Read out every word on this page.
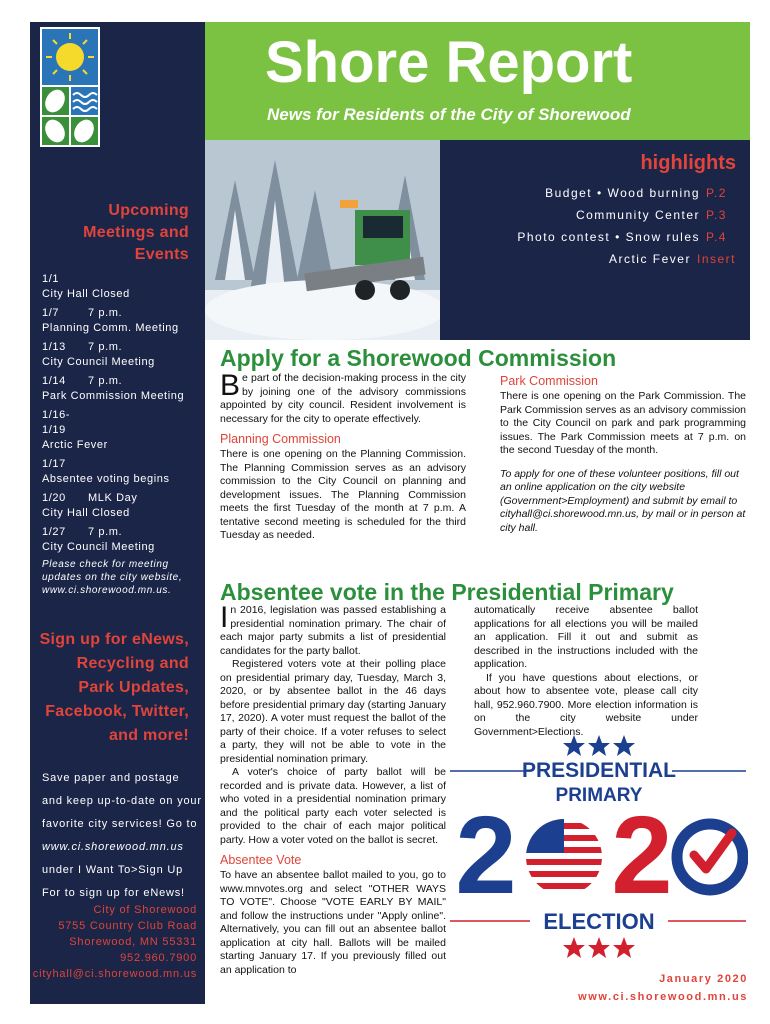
Upcoming
Meetings and
Events
1/1
City Hall Closed
1/7	7 p.m.
Planning Comm. Meeting
1/13 7 p.m.
City Council Meeting
1/14 7 p.m.
Park Commission Meeting
1/16-1/19
Arctic Fever
1/17
Absentee voting begins
1/20 MLK Day
City Hall Closed
1/27 7 p.m.
City Council Meeting
Please check for meeting updates on the city website, www.ci.shorewood.mn.us.
Sign up for eNews,
Recycling and
Park Updates,
Facebook, Twitter,
and more!
Save paper and postage and keep up-to-date on your favorite city services! Go to www.ci.shorewood.mn.us under I Want To>Sign Up For to sign up for eNews!
City of Shorewood
5755 Country Club Road
Shorewood, MN 55331
952.960.7900
cityhall@ci.shorewood.mn.us
Shore Report
News for Residents of the City of Shorewood
highlights
Budget • Wood burning P.2
Community Center P.3
Photo contest • Snow rules P.4
Arctic Fever Insert
Apply for a Shorewood Commission

Be part of the decision-making process in the city by joining one of the advisory commissions appointed by city council. Resident involvement is necessary for the city to operate effectively.

Planning Commission

There is one opening on the Planning Commission. The Planning Commission serves as an advisory commission to the City Council on planning and development issues. The Planning Commission meets the first Tuesday of the month at 7 p.m. A tentative second meeting is scheduled for the third Tuesday as needed.

Park Commission

There is one opening on the Park Commission. The Park Commission serves as an advisory commission to the City Council on park and park programming issues. The Park Commission meets at 7 p.m. on the second Tuesday of the month.

To apply for one of these volunteer positions, fill out an online application on the city website (Government>Employment) and submit by email to cityhall@ci.shorewood.mn.us, by mail or in person at city hall.

Absentee vote in the Presidential Primary

In 2016, legislation was passed establishing a presidential nomination primary. The chair of each major party submits a list of presidential candidates for the party ballot.

Registered voters vote at their polling place on presidential primary day, Tuesday, March 3, 2020, or by absentee ballot in the 46 days before presidential primary day (starting January 17, 2020). A voter must request the ballot of the party of their choice. If a voter refuses to select a party, they will not be able to vote in the presidential nomination primary.

A voter's choice of party ballot will be recorded and is private data. However, a list of who voted in a presidential nomination primary and the political party each voter selected is provided to the chair of each major political party. How a voter voted on the ballot is secret.

Absentee Vote

To have an absentee ballot mailed to you, go to www.mnvotes.org and select "OTHER WAYS TO VOTE". Choose "VOTE EARLY BY MAIL" and follow the instructions under "Apply online". Alternatively, you can fill out an absentee ballot application at city hall. Ballots will be mailed starting January 17. If you previously filled out an application to

automatically receive absentee ballot applications for all elections you will be mailed an application. Fill it out and submit as described in the instructions included with the application.

If you have questions about elections, or about how to absentee vote, please call city hall, 952.960.7900. More election information is on the city website under Government>Elections.

PRESIDENTIAL
PRIMARY
2 2
ELECTION
January 2020
www.ci.shorewood.mn.us
